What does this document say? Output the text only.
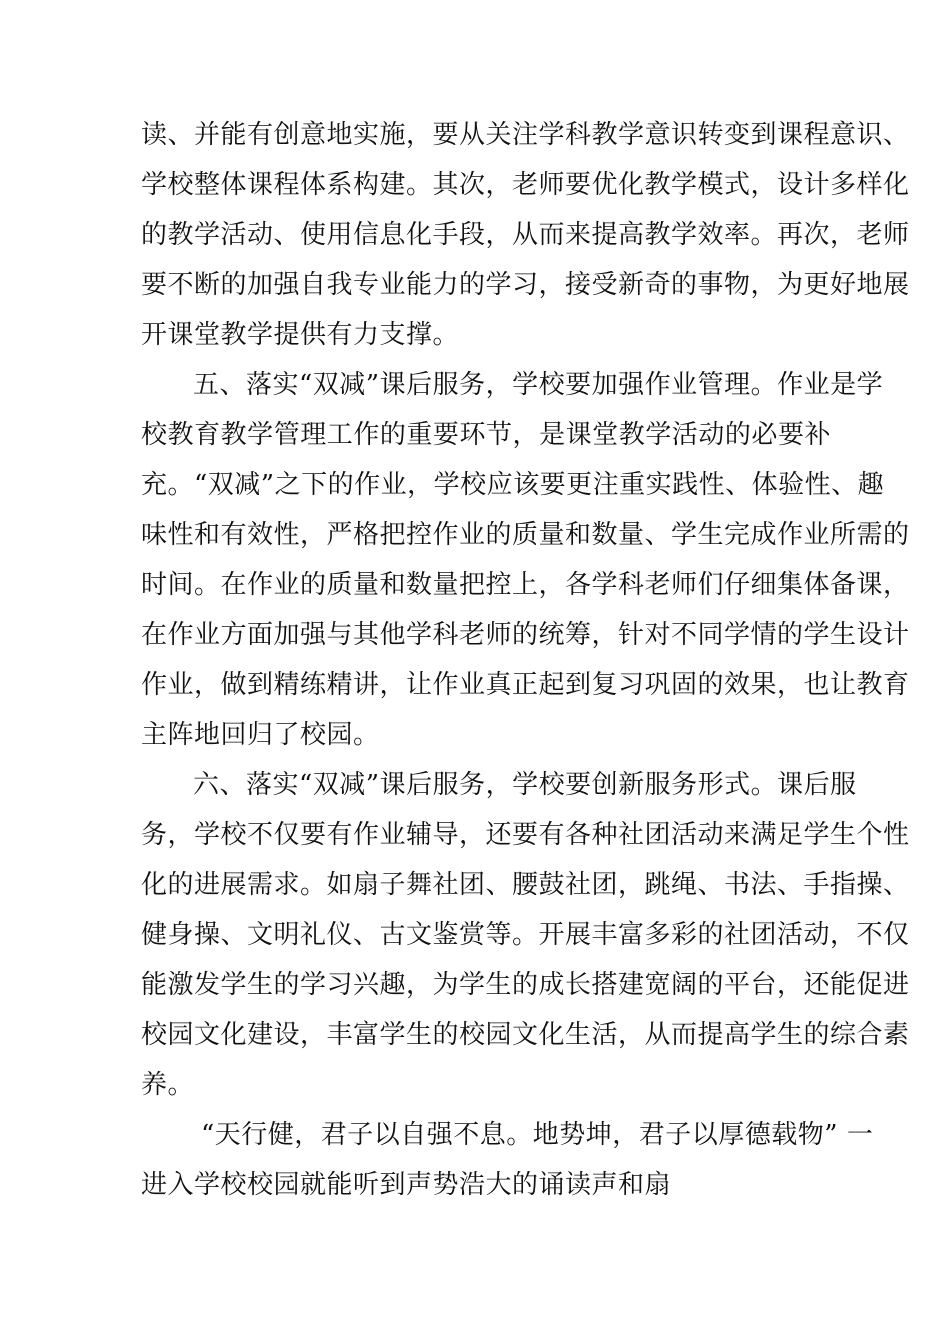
读、并能有创意地实施，要从关注学科教学意识转变到课程意识、
学校整体课程体系构建。其次，老师要优化教学模式，设计多样化
的教学活动、使用信息化手段，从而来提高教学效率。再次，老师
要不断的加强自我专业能力的学习，接受新奇的事物，为更好地展
开课堂教学提供有力支撑。
五、落实“双减”课后服务，学校要加强作业管理。作业是学
校教育教学管理工作的重要环节，是课堂教学活动的必要补
充。“双减”之下的作业，学校应该要更注重实践性、体验性、趣
味性和有效性，严格把控作业的质量和数量、学生完成作业所需的
时间。在作业的质量和数量把控上，各学科老师们仔细集体备课，
在作业方面加强与其他学科老师的统筹，针对不同学情的学生设计
作业，做到精练精讲，让作业真正起到复习巩固的效果，也让教育
主阵地回归了校园。
六、落实“双减”课后服务，学校要创新服务形式。课后服
务，学校不仅要有作业辅导，还要有各种社团活动来满足学生个性
化的进展需求。如扇子舞社团、腰鼓社团，跳绳、书法、手指操、
健身操、文明礼仪、古文鉴赏等。开展丰富多彩的社团活动，不仅
能激发学生的学习兴趣，为学生的成长搭建宽阔的平台，还能促进
校园文化建设，丰富学生的校园文化生活，从而提高学生的综合素
养。
“天行健，君子以自强不息。地势坤，君子以厚德载物” 一
进入学校校园就能听到声势浩大的诵读声和扇
